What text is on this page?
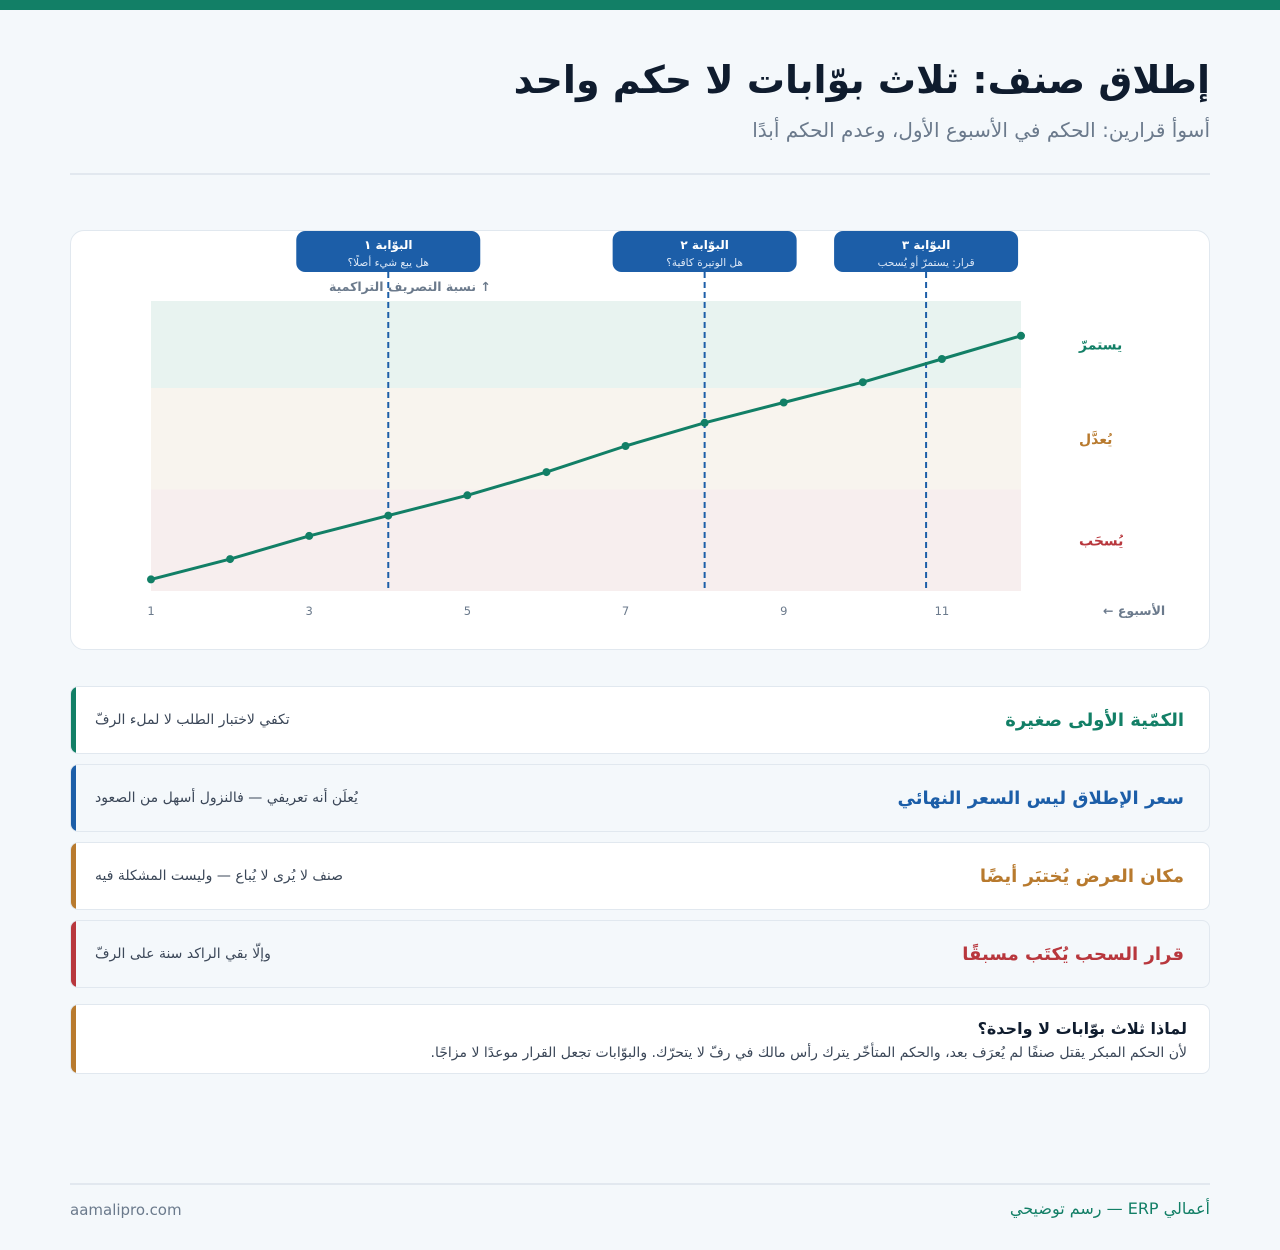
إطلاق صنف: ثلاث بوّابات لا حكم واحد
أسوأ قرارين: الحكم في الأسبوع الأول، وعدم الحكم أبدًا
يستمرّ
يُعدَّل
يُسحَب
البوّابة ١
هل يبع شيء أصلًا؟
البوّابة ٢
هل الوتيرة كافية؟
البوّابة ٣
قرار: يستمرّ أو يُسحب
↑ نسبة التصريف التراكمية
1	3	5	7	9	11	الأسبوع ←
الكمّية الأولى صغيرة
تكفي لاختبار الطلب لا لملء الرفّ
سعر الإطلاق ليس السعر النهائي
يُعلَن أنه تعريفي — فالنزول أسهل من الصعود
مكان العرض يُختبَر أيضًا
صنف لا يُرى لا يُباع — وليست المشكلة فيه
قرار السحب يُكتَب مسبقًا
وإلّا بقي الراكد سنة على الرفّ
لماذا ثلاث بوّابات لا واحدة؟
لأن الحكم المبكر يقتل صنفًا لم يُعرَف بعد، والحكم المتأخّر يترك رأس مالك في رفّ لا يتحرّك. والبوّابات تجعل القرار موعدًا لا مزاجًا.
أعمالي ERP — رسم توضيحي
aamalipro.com
